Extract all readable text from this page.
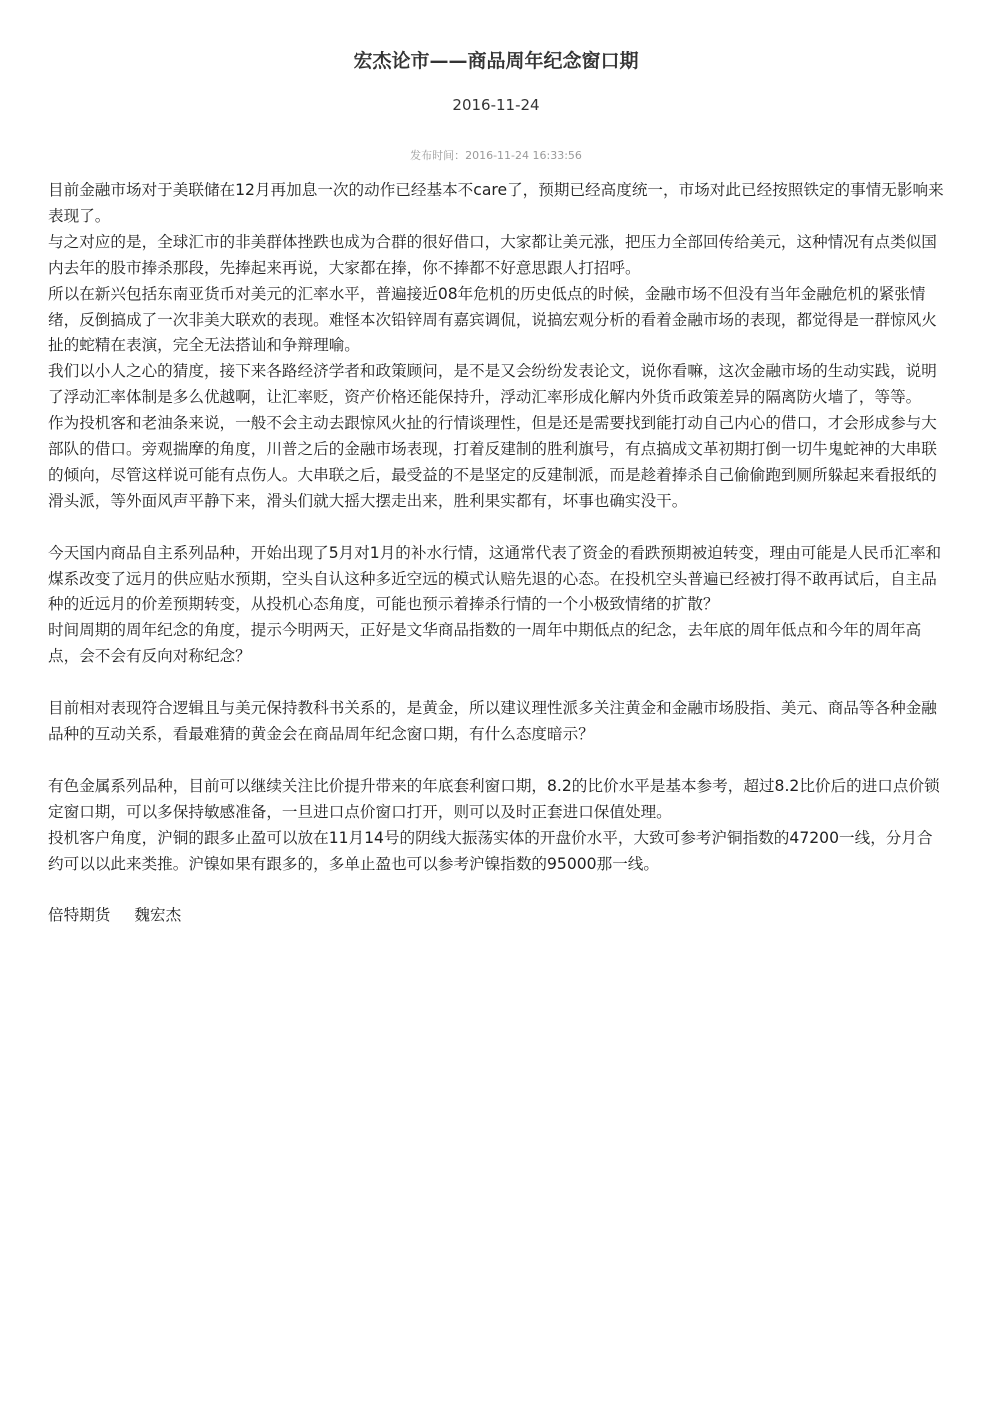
宏杰论市——商品周年纪念窗口期
2016-11-24
发布时间：2016-11-24 16:33:56

目前金融市场对于美联储在12月再加息一次的动作已经基本不care了，预期已经高度统一，市场对此已经按照铁定的事情无影响来表现了。

与之对应的是，全球汇市的非美群体挫跌也成为合群的很好借口，大家都让美元涨，把压力全部回传给美元，这种情况有点类似国内去年的股市捧杀那段，先捧起来再说，大家都在捧，你不捧都不好意思跟人打招呼。

所以在新兴包括东南亚货币对美元的汇率水平，普遍接近08年危机的历史低点的时候，金融市场不但没有当年金融危机的紧张情绪，反倒搞成了一次非美大联欢的表现。难怪本次铅锌周有嘉宾调侃，说搞宏观分析的看着金融市场的表现，都觉得是一群惊风火扯的蛇精在表演，完全无法搭讪和争辩理喻。

我们以小人之心的猜度，接下来各路经济学者和政策顾问，是不是又会纷纷发表论文，说你看嘛，这次金融市场的生动实践，说明了浮动汇率体制是多么优越啊，让汇率贬，资产价格还能保持升，浮动汇率形成化解内外货币政策差异的隔离防火墙了，等等。

作为投机客和老油条来说，一般不会主动去跟惊风火扯的行情谈理性，但是还是需要找到能打动自己内心的借口，才会形成参与大部队的借口。旁观揣摩的角度，川普之后的金融市场表现，打着反建制的胜利旗号，有点搞成文革初期打倒一切牛鬼蛇神的大串联的倾向，尽管这样说可能有点伤人。大串联之后，最受益的不是坚定的反建制派，而是趁着捧杀自己偷偷跑到厕所躲起来看报纸的滑头派，等外面风声平静下来，滑头们就大摇大摆走出来，胜利果实都有，坏事也确实没干。

今天国内商品自主系列品种，开始出现了5月对1月的补水行情，这通常代表了资金的看跌预期被迫转变，理由可能是人民币汇率和煤系改变了远月的供应贴水预期，空头自认这种多近空远的模式认赔先退的心态。在投机空头普遍已经被打得不敢再试后，自主品种的近远月的价差预期转变，从投机心态角度，可能也预示着捧杀行情的一个小极致情绪的扩散？

时间周期的周年纪念的角度，提示今明两天，正好是文华商品指数的一周年中期低点的纪念，去年底的周年低点和今年的周年高点，会不会有反向对称纪念？

目前相对表现符合逻辑且与美元保持教科书关系的，是黄金，所以建议理性派多关注黄金和金融市场股指、美元、商品等各种金融品种的互动关系，看最难猜的黄金会在商品周年纪念窗口期，有什么态度暗示？

有色金属系列品种，目前可以继续关注比价提升带来的年底套利窗口期，8.2的比价水平是基本参考，超过8.2比价后的进口点价锁定窗口期，可以多保持敏感准备，一旦进口点价窗口打开，则可以及时正套进口保值处理。

投机客户角度，沪铜的跟多止盈可以放在11月14号的阴线大振荡实体的开盘价水平，大致可参考沪铜指数的47200一线，分月合约可以以此来类推。沪镍如果有跟多的，多单止盈也可以参考沪镍指数的95000那一线。

倍特期货 魏宏杰
